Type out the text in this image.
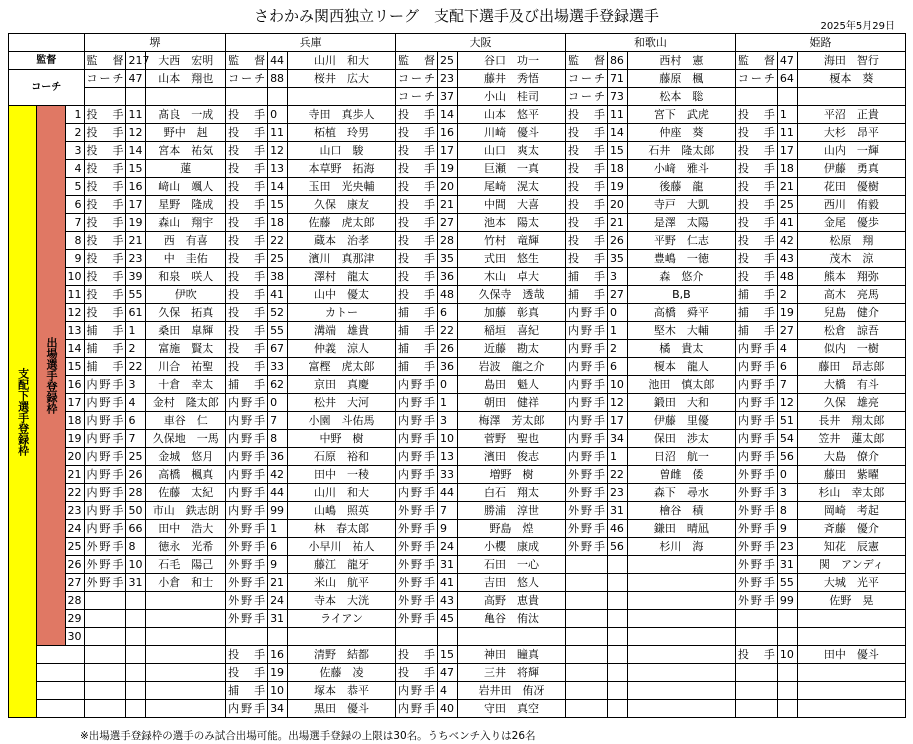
さわかみ関西独立リーグ　支配下選手及び出場選手登録選手
2025年5月29日
			堺			兵庫			大阪			和歌山			姫路		
監督			監　督	217	大西　宏明	監　督	44	山川　和大	監　督	25	谷口　功一	監　督	86	西村　憲	監　督	47	海田　智行
コーチ			コーチ	47	山本　翔也	コーチ	88	桜井　広大	コーチ	23	藤井　秀悟	コーチ	71	藤原　楓	コーチ	64	榎本　葵
									コーチ	37	小山　桂司	コーチ	73	松本　聡			
支配下選手登録枠	出場選手登録枠	1	投　手	11	髙良　一成	投　手	0	寺田　真歩人	投　手	14	山本　悠平	投　手	11	宮下　武虎	投　手	1	平沼　正貴
		2	投　手	12	野中　赳	投　手	11	柘植　玲男	投　手	16	川崎　優斗	投　手	14	仲座　葵	投　手	11	大杉　昂平
		3	投　手	14	宮本　祐気	投　手	12	山口　駿	投　手	17	山口　爽太	投　手	15	石井　隆太郎	投　手	17	山内　一輝
		4	投　手	15	蓮	投　手	13	本草野　拓海	投　手	19	巨瀬　一真	投　手	18	小﨑　雅斗	投　手	18	伊藤　勇真
		5	投　手	16	﨑山　颯人	投　手	14	玉田　光央輔	投　手	20	尾崎　滉太	投　手	19	後藤　龍	投　手	21	花田　優樹
		6	投　手	17	星野　隆成	投　手	15	久保　康友	投　手	21	中間　大喜	投　手	20	寺戸　大凱	投　手	25	西川　侑毅
		7	投　手	19	森山　翔宇	投　手	18	佐藤　虎太郎	投　手	27	池本　陽太	投　手	21	是澤　太陽	投　手	41	金尾　優歩
		8	投　手	21	西　有喜	投　手	22	蔵本　治孝	投　手	28	竹村　竜輝	投　手	26	平野　仁志	投　手	42	松原　翔
		9	投　手	23	中　圭佑	投　手	25	濱川　真那津	投　手	35	式田　悠生	投　手	35	豊嶋　一徳	投　手	43	茂木　涼
		10	投　手	39	和泉　咲人	投　手	38	澤村　龍太	投　手	36	木山　卓大	捕　手	3	森　悠介	投　手	48	熊本　翔弥
		11	投　手	55	伊吹	投　手	41	山中　優太	投　手	48	久保寺　透哉	捕　手	27	B,B	捕　手	2	高木　亮馬
		12	投　手	61	久保　拓真	投　手	52	カトー	捕　手	6	加藤　彰真	内野手	0	高橋　舜平	捕　手	19	兒島　健介
		13	捕　手	1	桑田　皐輝	投　手	55	溝端　雄貴	捕　手	22	稲垣　喜紀	内野手	1	堅木　大輔	捕　手	27	松倉　諒吾
		14	捕　手	2	富施　賢太	投　手	67	仲義　涼人	捕　手	26	近藤　勘太	内野手	2	橘　貴太	内野手	4	似内　一樹
		15	捕　手	22	川合　祐聖	投　手	33	富樫　虎太郎	捕　手	36	岩波　龍之介	内野手	6	榎本　龍人	内野手	6	藤田　昂志郎
		16	内野手	3	十倉　幸太	捕　手	62	京田　真慶	内野手	0	島田　魁人	内野手	10	池田　慎太郎	内野手	7	大橋　有斗
		17	内野手	4	金村　隆太郎	内野手	0	松井　大河	内野手	1	朝田　健祥	内野手	12	鍛田　大和	内野手	12	久保　雄亮
		18	内野手	6	車谷　仁	内野手	7	小園　斗佑馬	内野手	3	梅澤　芳太郎	内野手	17	伊藤　里優	内野手	51	長井　翔太郎
		19	内野手	7	久保地　一馬	内野手	8	中野　樹	内野手	10	菅野　聖也	内野手	34	保田　渉太	内野手	54	笠井　蓮太郎
		20	内野手	25	金城　悠月	内野手	36	石原　裕和	内野手	13	濱田　俊志	内野手	1	日沼　航一	内野手	56	大島　僚介
		21	内野手	26	高橋　楓真	内野手	42	田中　一稜	内野手	33	増野　樹	外野手	22	曽雌　倭	外野手	0	藤田　紫曜
		22	内野手	28	佐藤　太紀	内野手	44	山川　和大	内野手	44	白石　翔太	外野手	23	森下　尋水	外野手	3	杉山　幸太郎
		23	内野手	50	市山　鉄志朗	内野手	99	山嶋　照英	外野手	7	勝浦　淳世	外野手	31	檜谷　積	外野手	8	岡崎　考起
		24	内野手	66	田中　浩大	外野手	1	林　春太郎	外野手	9	野島　煌	外野手	46	鎌田　晴凪	外野手	9	斉藤　優介
		25	外野手	8	徳永　光希	外野手	6	小早川　祐人	外野手	24	小櫻　康成	外野手	56	杉川　海	外野手	23	知花　辰憲
		26	外野手	10	石毛　陽己	外野手	9	藤江　龍牙	外野手	31	石田　一心				外野手	31	関　アンディ
		27	外野手	31	小倉　和士	外野手	21	米山　航平	外野手	41	吉田　悠人				外野手	55	大城　光平
		28				外野手	24	寺本　大洸	外野手	43	高野　恵貴				外野手	99	佐野　晃
		29				外野手	31	ライアン	外野手	45	亀谷　侑汰						
		30															
						投　手	16	清野　結都	投　手	15	神田　瞳真				投　手	10	田中　優斗
						投　手	19	佐藤　凌	投　手	47	三井　将輝						
						捕　手	10	塚本　恭平	内野手	4	岩井田　侑冴						
						内野手	34	黒田　優斗	内野手	40	守田　真空						
※出場選手登録枠の選手のみ試合出場可能。出場選手登録の上限は30名。うちベンチ入りは26名
